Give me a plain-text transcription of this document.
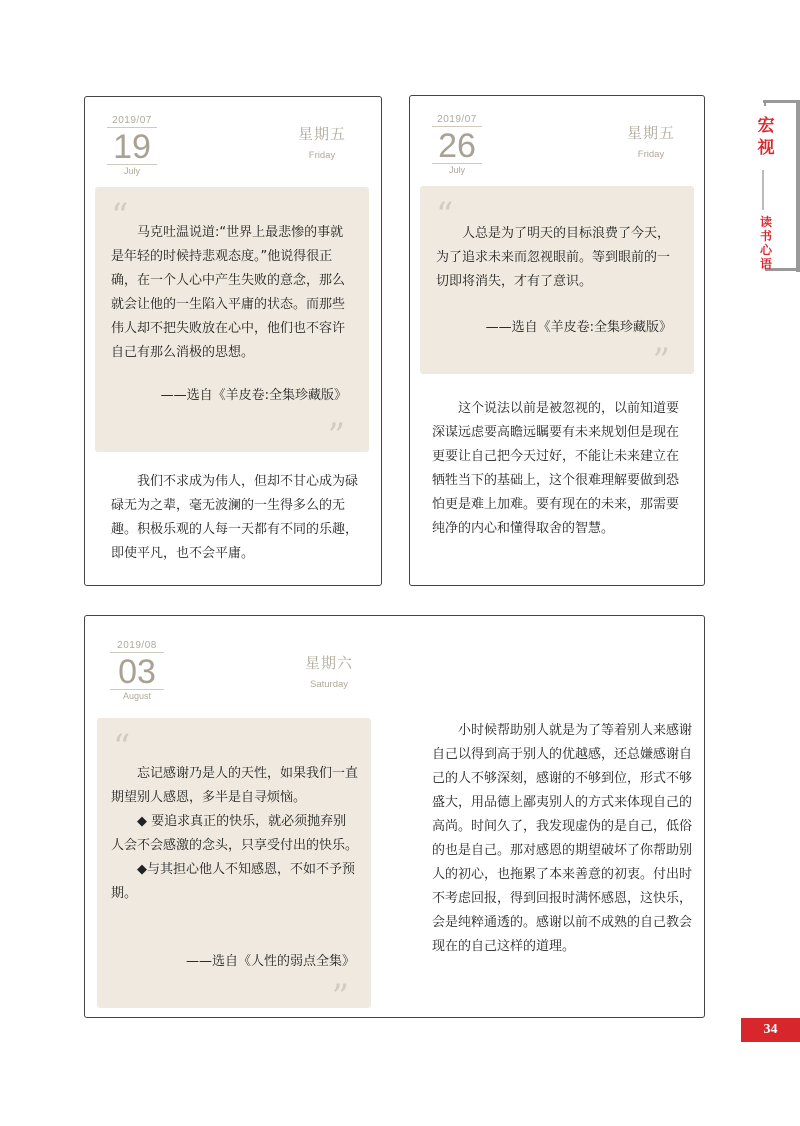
宏
视
读
书
心
语
2019/07
19
July
星期五
Friday
“ 马克吐温说道:“世界上最悲惨的事就是年轻的时候持悲观态度。”他说得很正确，在一个人心中产生失败的意念，那么就会让他的一生陷入平庸的状态。而那些伟人却不把失败放在心中，他们也不容许自己有那么消极的思想。

——选自《羊皮卷:全集珍藏版》
”

我们不求成为伟人，但却不甘心成为碌碌无为之辈，毫无波澜的一生得多么的无趣。积极乐观的人每一天都有不同的乐趣，即使平凡，也不会平庸。

2019/07
26
July
星期五
Friday
“ 人总是为了明天的目标浪费了今天，为了追求未来而忽视眼前。等到眼前的一切即将消失，才有了意识。

——选自《羊皮卷:全集珍藏版》
”

这个说法以前是被忽视的，以前知道要深谋远虑要高瞻远瞩要有未来规划但是现在更要让自己把今天过好，不能让未来建立在牺牲当下的基础上，这个很难理解要做到恐怕更是难上加难。要有现在的未来，那需要纯净的内心和懂得取舍的智慧。

2019/08
03
August
星期六
Saturday
“

忘记感谢乃是人的天性，如果我们一直期望别人感恩，多半是自寻烦恼。

◆ 要追求真正的快乐，就必须抛弃别人会不会感激的念头，只享受付出的快乐。

◆与其担心他人不知感恩，不如不予预期。

——选自《人性的弱点全集》
”

小时候帮助别人就是为了等着别人来感谢自己以得到高于别人的优越感，还总嫌感谢自己的人不够深刻，感谢的不够到位，形式不够盛大，用品德上鄙夷别人的方式来体现自己的高尚。时间久了，我发现虚伪的是自己，低俗的也是自己。那对感恩的期望破坏了你帮助别人的初心，也拖累了本来善意的初衷。付出时不考虑回报，得到回报时满怀感恩，这快乐，会是纯粹通透的。感谢以前不成熟的自己教会现在的自己这样的道理。

34
